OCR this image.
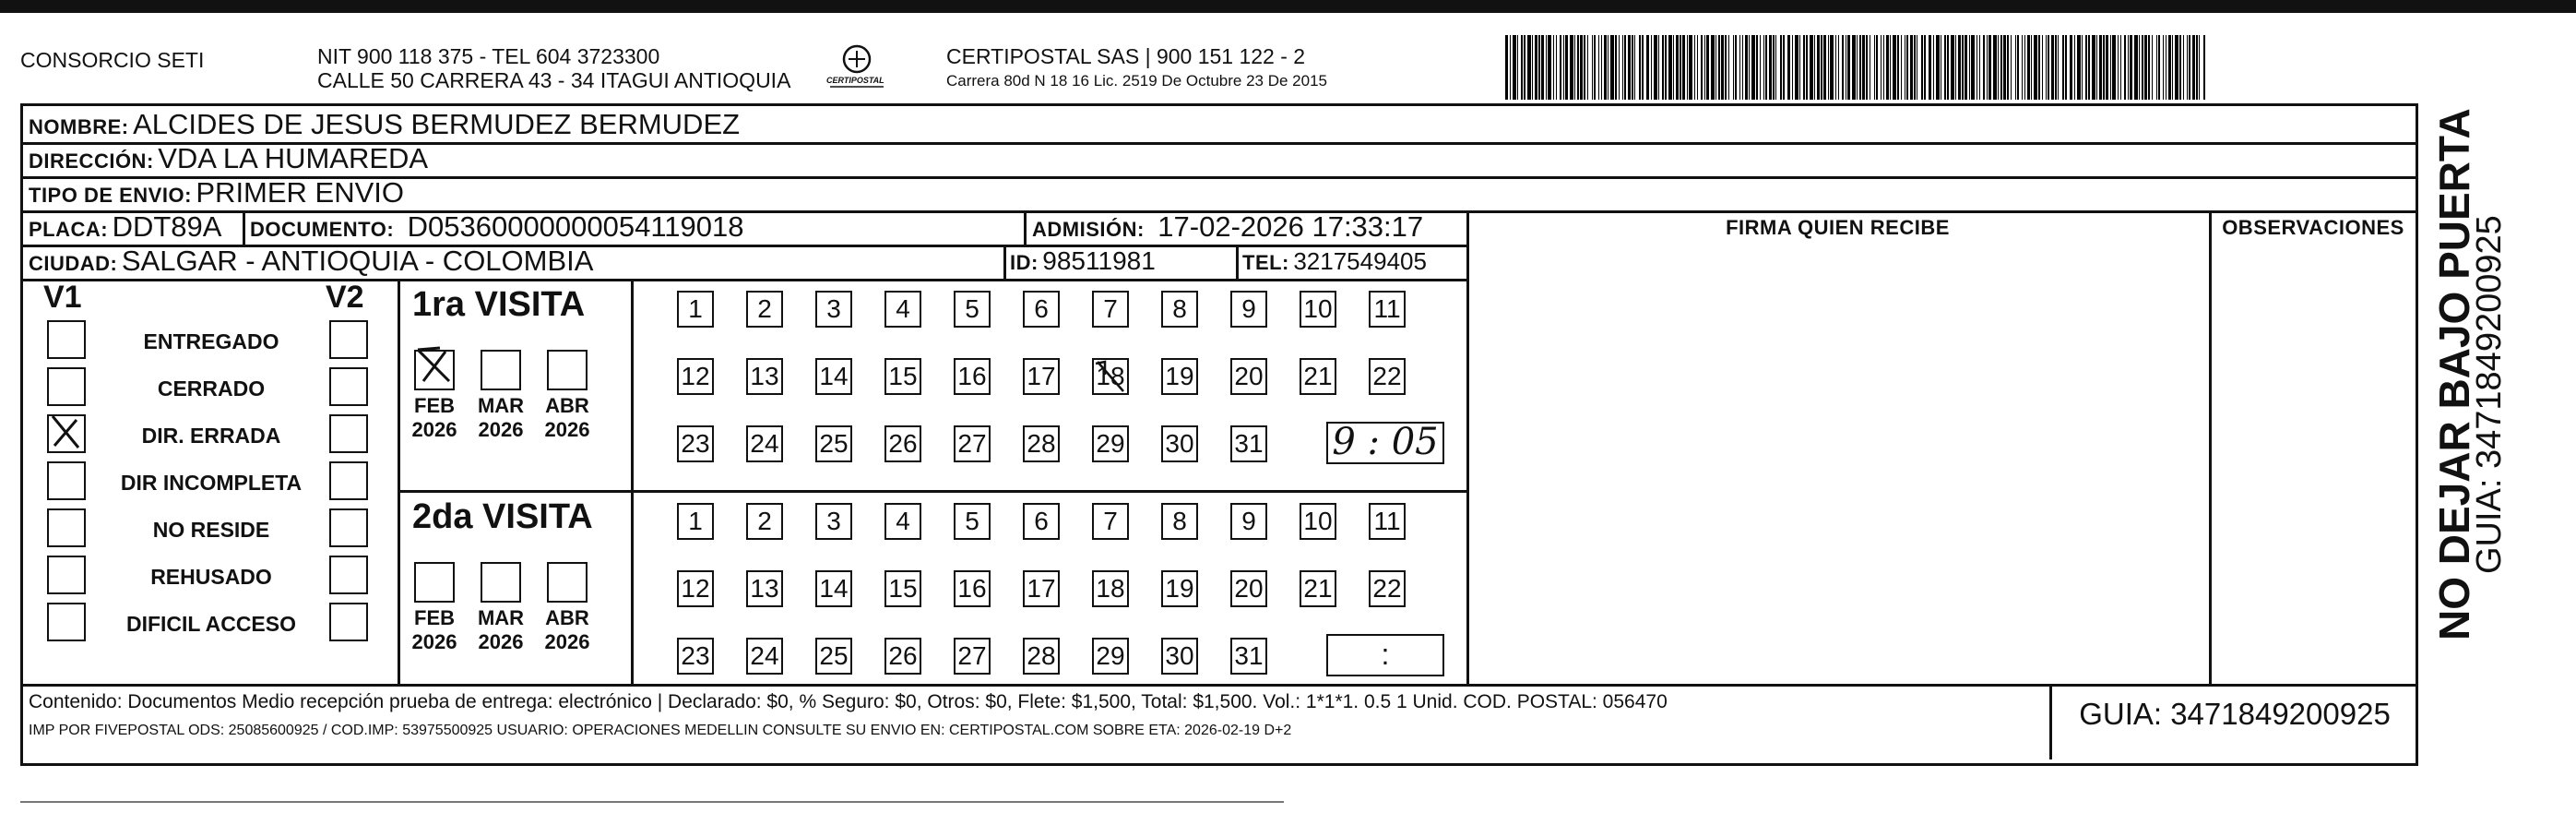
CONSORCIO SETI	NIT 900 118 375 - TEL 604 3723300
CALLE 50 CARRERA 43 - 34 ITAGUI ANTIOQUIA	CERTIPOSTAL
CERTIPOSTAL SAS | 900 151 122 - 2
Carrera 80d N 18 16 Lic. 2519 De Octubre 23 De 2015
NOMBRE: ALCIDES DE JESUS BERMUDEZ BERMUDEZ
DIRECCIÓN: VDA LA HUMAREDA
TIPO DE ENVIO: PRIMER ENVIO
FIRMA QUIEN RECIBE	OBSERVACIONES
PLACA: DDT89A DOCUMENTO: D05360000000054119018	ADMISIÓN: 17-02-2026 17:33:17
CIUDAD: SALGAR - ANTIOQUIA - COLOMBIA	ID: 98511981	TEL: 3217549405
V1	V2
ENTREGADO
CERRADO
DIR. ERRADA
DIR INCOMPLETA
NO RESIDE
REHUSADO
DIFICIL ACCESO
1ra VISITA
FEB
2026
MAR
2026
ABR
2026
1	2	3	4	5	6	7	8	9	10 11
12 13 14 15 16 17 18 19 20 21 22
23 24 25 26 27 28 29 30 31 9 : 05
2da VISITA
FEB
2026
MAR
2026
ABR
2026
1	2	3	4	5	6	7	8	9	10 11
12 13 14 15 16 17 18 19 20 21 22
23 24 25 26 27 28 29 30 31	:
Contenido: Documentos Medio recepción prueba de entrega: electrónico | Declarado: $0, % Seguro: $0, Otros: $0, Flete: $1,500, Total: $1,500. Vol.: 1*1*1. 0.5 1 Unid. COD. POSTAL: 056470
IMP POR FIVEPOSTAL ODS: 25085600925 / COD.IMP: 53975500925 USUARIO: OPERACIONES MEDELLIN CONSULTE SU ENVIO EN: CERTIPOSTAL.COM SOBRE ETA: 2026-02-19 D+2	GUIA: 3471849200925
NO DEJAR BAJO PUERTA
GUIA: 3471849200925
